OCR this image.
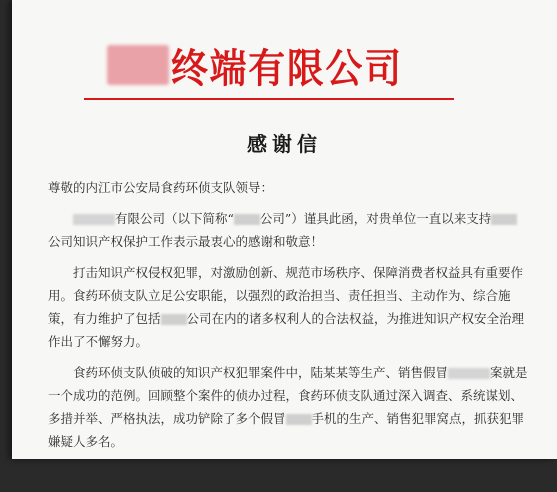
终端有限公司
感谢信

尊敬的内江市公安局食药环侦支队领导：

有限公司（以下简称“ 公司”）谨具此函，对贵单位一直以来支持公司知识产权保护工作表示最衷心的感谢和敬意！

打击知识产权侵权犯罪，对激励创新、规范市场秩序、保障消费者权益具有重要作用。食药环侦支队立足公安职能，以强烈的政治担当、责任担当、主动作为、综合施策，有力维护了包括 公司在内的诸多权利人的合法权益，为推进知识产权安全治理作出了不懈努力。

食药环侦支队侦破的知识产权犯罪案件中，陆某某等生产、销售假冒	案就是一个成功的范例。回顾整个案件的侦办过程，食药环侦支队通过深入调查、系统谋划、多措并举、严格执法，成功铲除了多个假冒 手机的生产、销售犯罪窝点，抓获犯罪嫌疑人多名。

中流击水，奋楫者进。我司深信，通过内江市公安局食药环侦支队卓
